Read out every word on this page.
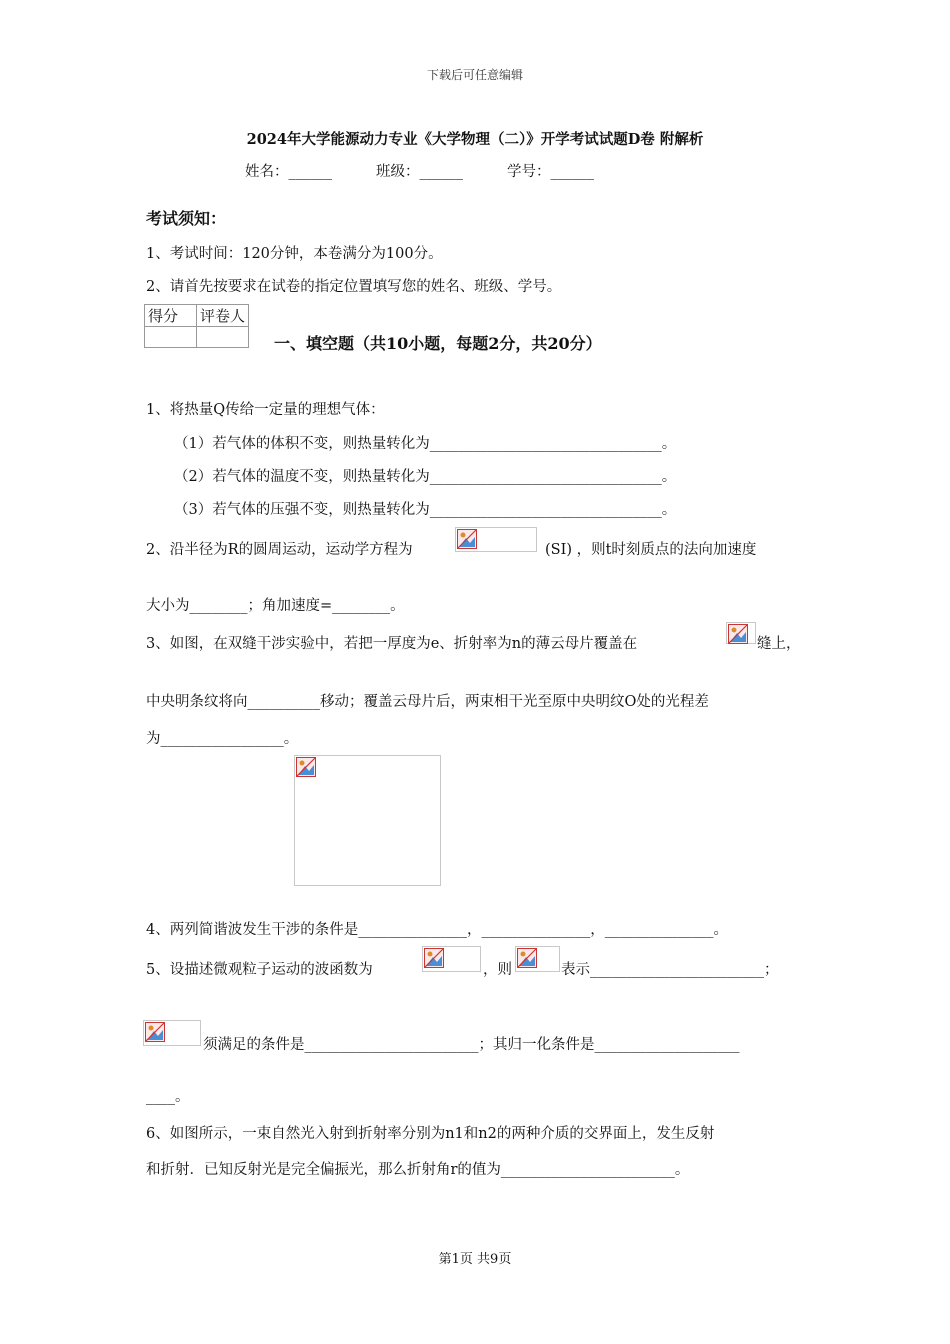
下载后可任意编辑
2024年大学能源动力专业《大学物理（二）》开学考试试题D卷 附解析
姓名：______	班级：______	学号：______
考试须知：
1、考试时间：120分钟，本卷满分为100分。
2、请首先按要求在试卷的指定位置填写您的姓名、班级、学号。
得分	评卷人

一、填空题（共10小题，每题2分，共20分）
1、将热量Q传给一定量的理想气体：
（1）若气体的体积不变，则热量转化为________________________________。
（2）若气体的温度不变，则热量转化为________________________________。
（3）若气体的压强不变，则热量转化为________________________________。
2、沿半径为R的圆周运动，运动学方程为	(SI) ，则t时刻质点的法向加速度
大小为________；角加速度=________。
3、如图，在双缝干涉实验中，若把一厚度为e、折射率为n的薄云母片覆盖在	缝上，
中央明条纹将向__________移动；覆盖云母片后，两束相干光至原中央明纹O处的光程差
为_________________。
4、两列简谐波发生干涉的条件是_______________，_______________，_______________。
5、设描述微观粒子运动的波函数为	，则	表示________________________；
须满足的条件是________________________；其归一化条件是____________________
____。
6、如图所示，一束自然光入射到折射率分别为n1和n2的两种介质的交界面上，发生反射
和折射．已知反射光是完全偏振光，那么折射角r的值为________________________。
第1页 共9页
